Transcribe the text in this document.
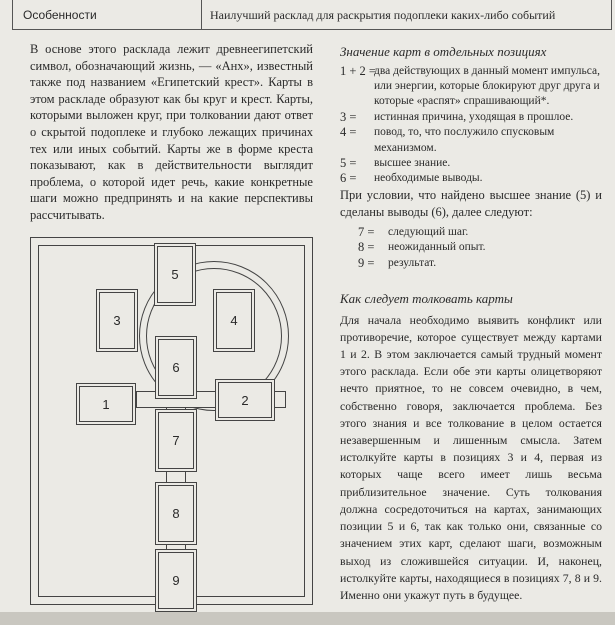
Особенности	Наилучший расклад для раскрытия подоплеки каких-либо событий

В основе этого расклада лежит древнеегипетский символ, обозначающий жизнь, — «Анх», известный также под названием «Египетский крест». Карты в этом раскладе образуют как бы круг и крест. Карты, которыми выложен круг, при толковании дают ответ о скрытой подоплеке и глубоко лежащих причинах тех или иных событий. Карты же в форме креста показывают, как в действительности выглядит проблема, о которой идет речь, какие конкретные шаги можно предпринять и на какие перспективы рассчитывать.

5
3	4
6
1	2
7
8
9
Значение карт в отдельных позициях
1 + 2 =
два действующих в данный момент импульса, или энергии, которые блокируют друг друга и которые «распят» спрашивающий*.
3 =	истинная причина, уходящая в прошлое.
4 =	повод, то, что послужило спусковым механизмом.
5 =	высшее знание.
6 =	необходимые выводы.

При условии, что найдено высшее знание (5) и сделаны выводы (6), далее следуют:

7 =	следующий шаг.
8 =	неожиданный опыт.
9 =	результат.
Как следует толковать карты

Для начала необходимо выявить конфликт или противоречие, которое существует между картами 1 и 2. В этом заключается самый трудный момент этого расклада. Если обе эти карты олицетворяют нечто приятное, то не совсем очевидно, в чем, собственно говоря, заключается проблема. Без этого знания и все толкование в целом остается незавершенным и лишенным смысла. Затем истолкуйте карты в позициях 3 и 4, первая из которых чаще всего имеет лишь весьма приблизительное значение. Суть толкования должна сосредоточиться на картах, занимающих позиции 5 и 6, так как только они, связанные со значением этих карт, сделают шаги, возможным выход из сложившейся ситуации. И, наконец, истолкуйте карты, находящиеся в позициях 7, 8 и 9. Именно они укажут путь в будущее.
